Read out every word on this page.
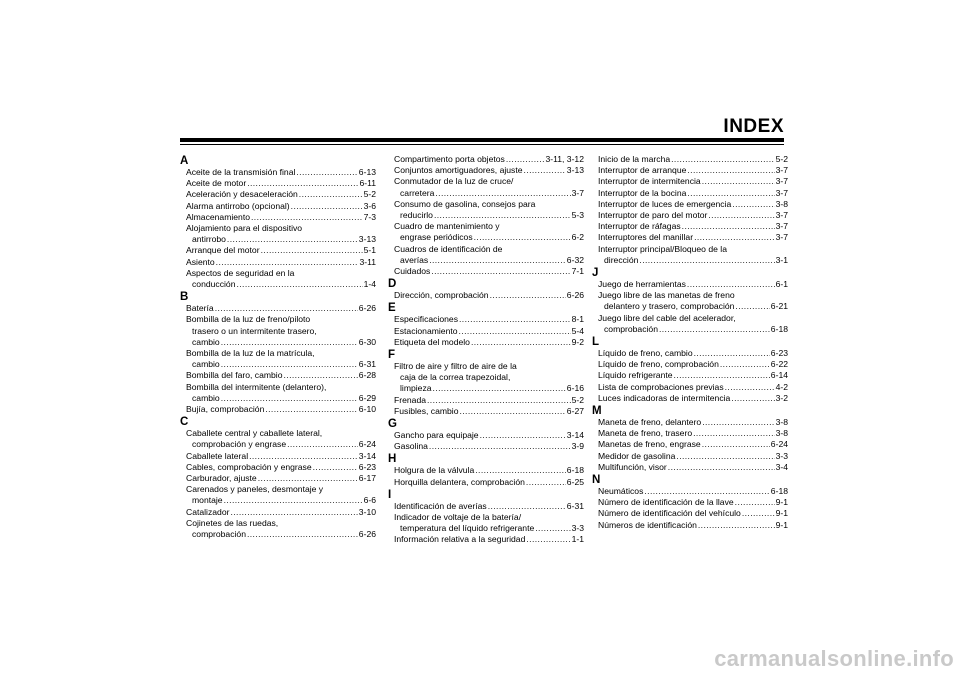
INDEX
A
Aceite de la transmisión final .....	6-13
Aceite de motor .....	6-11
Aceleración y desaceleración .....	5-2
Alarma antirrobo (opcional) .....	3-6
Almacenamiento .....	7-3
Alojamiento para el dispositivo
antirrobo .....	3-13
Arranque del motor .....	5-1
Asiento .....	3-11
Aspectos de seguridad en la
conducción .....	1-4
B
Batería .....	6-26
Bombilla de la luz de freno/piloto
trasero o un intermitente trasero,
cambio .....	6-30
Bombilla de la luz de la matrícula,
cambio .....	6-31
Bombilla del faro, cambio .....	6-28
Bombilla del intermitente (delantero),
cambio .....	6-29
Bujía, comprobación .....	6-10
C
Caballete central y caballete lateral,
comprobación y engrase .....	6-24
Caballete lateral .....	3-14
Cables, comprobación y engrase .....	6-23
Carburador, ajuste .....	6-17
Carenados y paneles, desmontaje y
montaje .....	6-6
Catalizador .....	3-10
Cojinetes de las ruedas,
comprobación .....	6-26
Compartimento porta objetos .....	3-11, 3-12
Conjuntos amortiguadores, ajuste .....	3-13
Conmutador de la luz de cruce/
carretera .....	3-7
Consumo de gasolina, consejos para
reducirlo .....	5-3
Cuadro de mantenimiento y
engrase periódicos .....	6-2
Cuadros de identificación de
averías .....	6-32
Cuidados .....	7-1
D
Dirección, comprobación .....	6-26
E
Especificaciones .....	8-1
Estacionamiento .....	5-4
Etiqueta del modelo .....	9-2
F
Filtro de aire y filtro de aire de la
caja de la correa trapezoidal,
limpieza .....	6-16
Frenada .....	5-2
Fusibles, cambio .....	6-27
G
Gancho para equipaje .....	3-14
Gasolina .....	3-9
H
Holgura de la válvula .....	6-18
Horquilla delantera, comprobación .....	6-25
I
Identificación de averías .....	6-31
Indicador de voltaje de la batería/
temperatura del líquido refrigerante .....	3-3
Información relativa a la seguridad .....	1-1
Inicio de la marcha .....	5-2
Interruptor de arranque .....	3-7
Interruptor de intermitencia .....	3-7
Interruptor de la bocina .....	3-7
Interruptor de luces de emergencia .....	3-8
Interruptor de paro del motor .....	3-7
Interruptor de ráfagas .....	3-7
Interruptores del manillar .....	3-7
Interruptor principal/Bloqueo de la
dirección .....	3-1
J
Juego de herramientas .....	6-1
Juego libre de las manetas de freno
delantero y trasero, comprobación .....	6-21
Juego libre del cable del acelerador,
comprobación .....	6-18
L
Líquido de freno, cambio .....	6-23
Líquido de freno, comprobación .....	6-22
Líquido refrigerante .....	6-14
Lista de comprobaciones previas .....	4-2
Luces indicadoras de intermitencia .....	3-2
M
Maneta de freno, delantero .....	3-8
Maneta de freno, trasero .....	3-8
Manetas de freno, engrase .....	6-24
Medidor de gasolina .....	3-3
Multifunción, visor .....	3-4
N
Neumáticos .....	6-18
Número de identificación de la llave .....	9-1
Número de identificación del vehículo .....	9-1
Números de identificación .....	9-1
carmanualsonline.info
